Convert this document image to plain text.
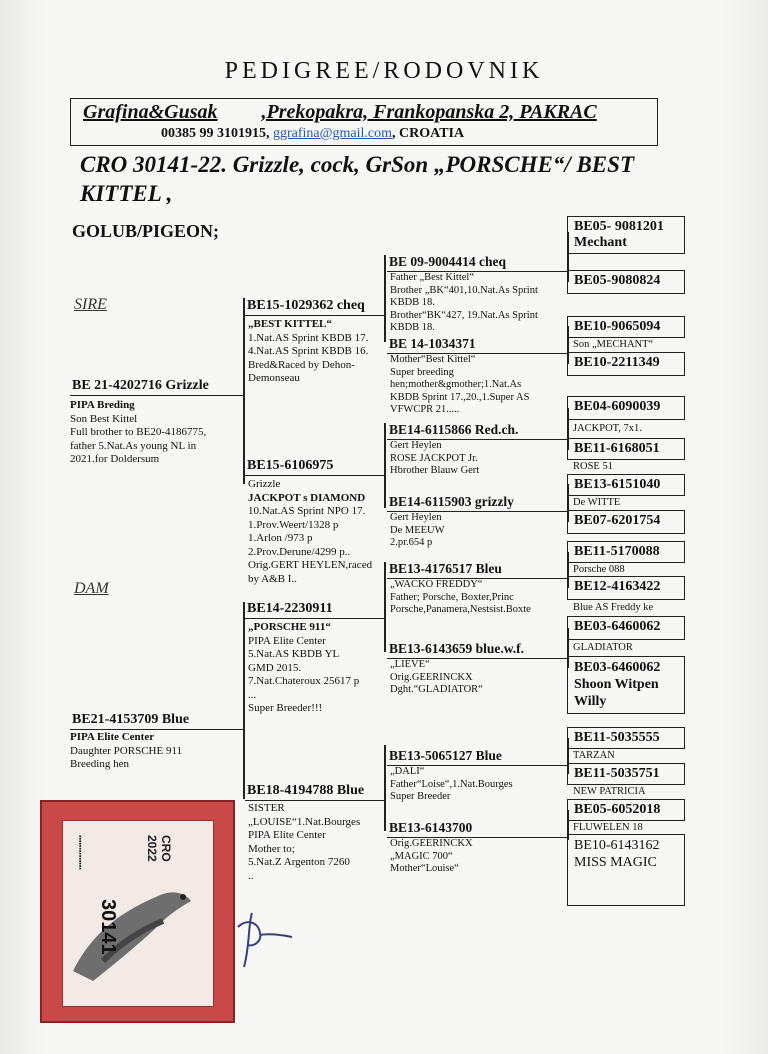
PEDIGREE/RODOVNIK
Grafina&Gusak ,Prekopakra, Frankopanska 2, PAKRAC
00385 99 3101915, ggrafina@gmail.com, CROATIA
CRO 30141-22. Grizzle, cock, GrSon „PORSCHE“/ BEST KITTEL ,
GOLUB/PIGEON;
SIRE
DAM
BE 21-4202716 Grizzle
PIPA Breding
Son Best Kittel
Full brother to BE20-4186775,
father 5.Nat.As young NL in
2021.for Doldersum
BE21-4153709 Blue
PIPA Elite Center
Daughter PORSCHE 911
Breeding hen
BE15-1029362 cheq
„BEST KITTEL“
1.Nat.AS Sprint KBDB 17.
4.Nat.AS Sprint KBDB 16.
Bred&Raced by Dehon-
Demonseau
BE15-6106975
Grizzle
JACKPOT s DIAMOND
10.Nat.AS Sprint NPO 17.
1.Prov.Weert/1328 p
1.Arlon /973 p
2.Prov.Derune/4299 p..
Orig.GERT HEYLEN,raced
by A&B I..
BE14-2230911
„PORSCHE 911“
PIPA Elite Center
5.Nat.AS KBDB YL
GMD 2015.
7.Nat.Chateroux 25617 p
...
Super Breeder!!!
BE18-4194788 Blue
SISTER
„LOUISE“1.Nat.Bourges
PIPA Elite Center
Mother to;
5.Nat.Z Argenton 7260
..
BE 09-9004414 cheq
Father „Best Kittel“
Brother „BK“401,10.Nat.As Sprint
KBDB 18.
Brother“BK“427, 19.Nat.As Sprint
KBDB 18.
BE 14-1034371
Mother“Best Kittel“
Super breeding
hen;mother&gmother;1.Nat.As
KBDB Sprint 17.,20.,1.Super AS
VFWCPR 21.....
BE14-6115866 Red.ch.
Gert Heylen
ROSE JACKPOT Jr.
Hbrother Blauw Gert
BE14-6115903 grizzly
Gert Heylen
De MEEUW
2.pr.654 p
BE13-4176517 Bleu
„WACKO FREDDY“
Father; Porsche, Boxter,Princ
Porsche,Panamera,Nestsist.Boxte
BE13-6143659 blue.w.f.
„LIEVE“
Orig.GEERINCKX
Dght.“GLADIATOR“
BE13-5065127 Blue
„DALI“
Father“Loise“,1.Nat.Bourges
Super Breeder
BE13-6143700
Orig.GEERINCKX
„MAGIC 700“
Mother“Louise“
BE05- 9081201
Mechant
BE05-9080824
BE10-9065094
Son „MECHANT“
BE10-2211349
BE04-6090039
JACKPOT, 7x1.
BE11-6168051
ROSE 51
BE13-6151040
De WITTE
BE07-6201754
BE11-5170088
Porsche 088
BE12-4163422
Blue AS Freddy ke
BE03-6460062
GLADIATOR
BE03-6460062
Shoon Witpen Willy
BE11-5035555
TARZAN
BE11-5035751
NEW PATRICIA
BE05-6052018
FLUWELEN 18
BE10-6143162
MISS MAGIC
▪▪▪▪▪▪▪▪▪▪▪▪▪▪	2022 CRO
30141
